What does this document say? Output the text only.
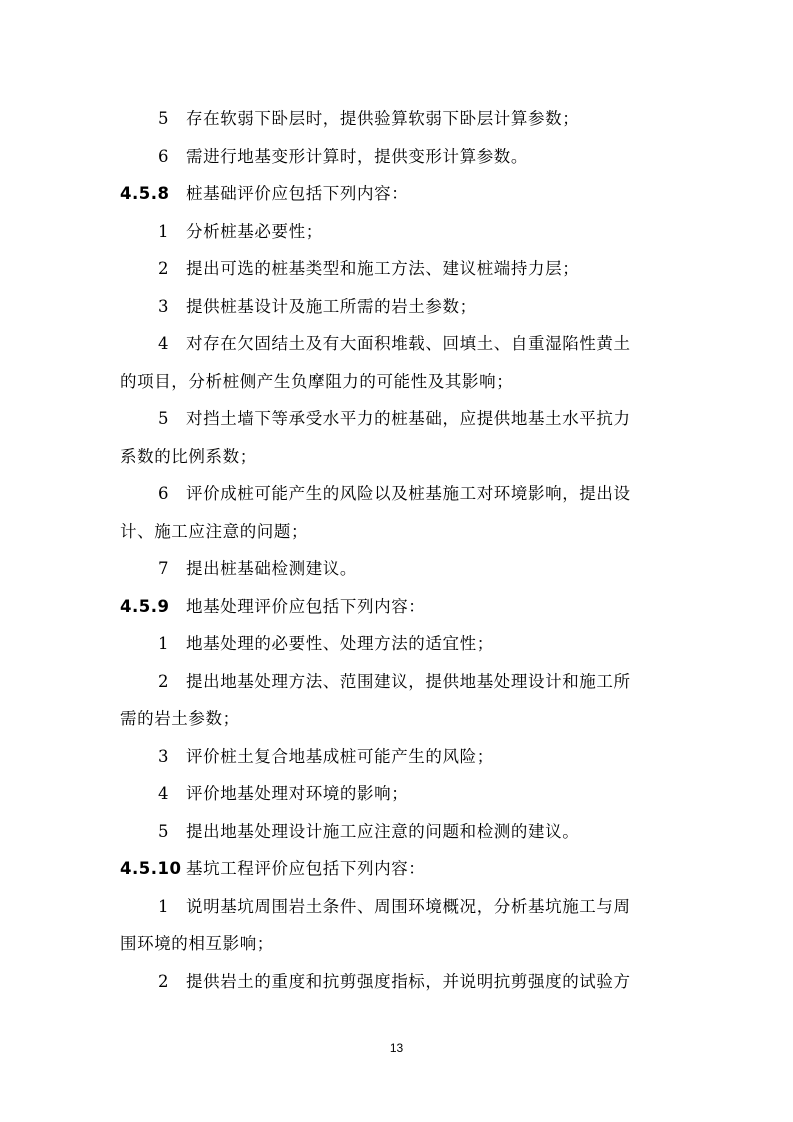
5 存在软弱下卧层时，提供验算软弱下卧层计算参数；
6 需进行地基变形计算时，提供变形计算参数。
4.5.8 桩基础评价应包括下列内容：
1 分析桩基必要性；
2 提出可选的桩基类型和施工方法、建议桩端持力层；
3 提供桩基设计及施工所需的岩土参数；
4 对存在欠固结土及有大面积堆载、回填土、自重湿陷性黄土
的项目，分析桩侧产生负摩阻力的可能性及其影响；
5 对挡土墙下等承受水平力的桩基础，应提供地基土水平抗力
系数的比例系数；
6 评价成桩可能产生的风险以及桩基施工对环境影响，提出设
计、施工应注意的问题；
7 提出桩基础检测建议。
4.5.9 地基处理评价应包括下列内容：
1 地基处理的必要性、处理方法的适宜性；
2 提出地基处理方法、范围建议，提供地基处理设计和施工所
需的岩土参数；
3 评价桩土复合地基成桩可能产生的风险；
4 评价地基处理对环境的影响；
5 提出地基处理设计施工应注意的问题和检测的建议。
4.5.10 基坑工程评价应包括下列内容：
1 说明基坑周围岩土条件、周围环境概况，分析基坑施工与周
围环境的相互影响；
2 提供岩土的重度和抗剪强度指标，并说明抗剪强度的试验方
13
